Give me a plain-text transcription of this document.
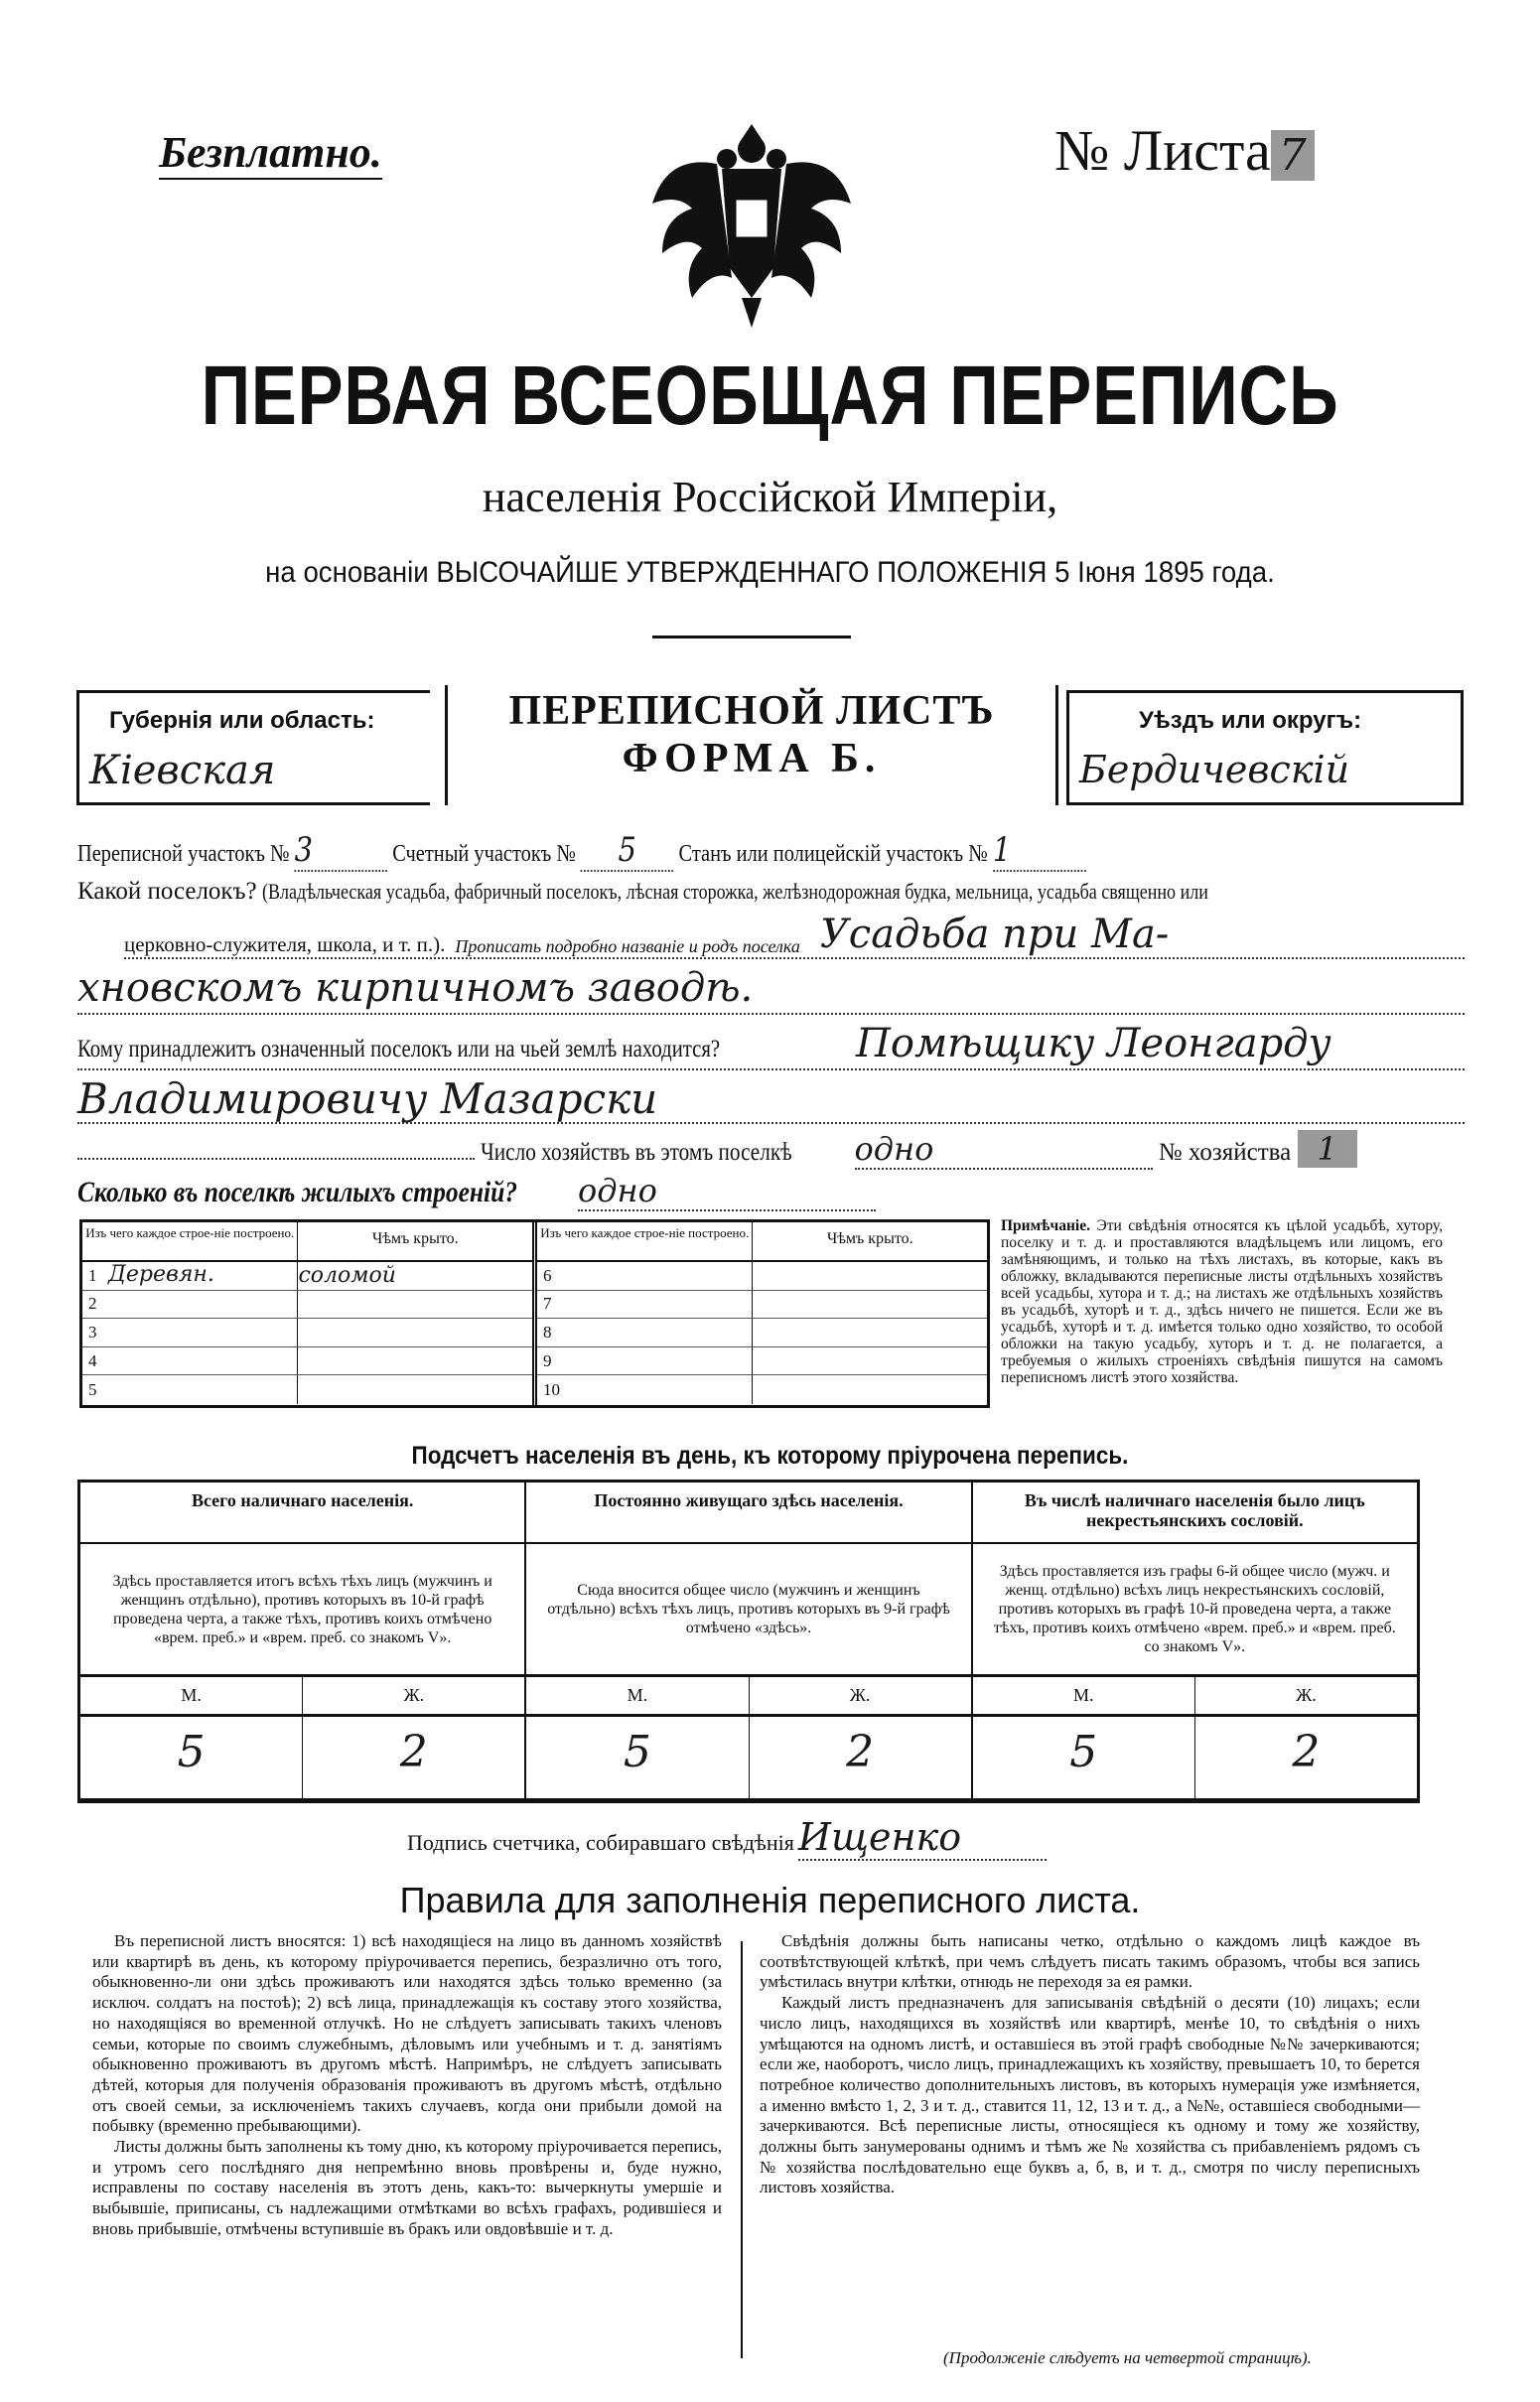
Безплатно.	№ Листа 7
ПЕРВАЯ ВСЕОБЩАЯ ПЕРЕПИСЬ
населенія Россійской Имперіи,
на основаніи ВЫСОЧАЙШЕ УТВЕРЖДЕННАГО ПОЛОЖЕНІЯ 5 Іюня 1895 года.
Губернія или область:
Кіевская
ПЕРЕПИСНОЙ ЛИСТЪ
ФОРМА Б.
Уѣздъ или округъ:
Бердичевскій
Переписной участокъ № 3	Счетный участокъ № 5 Станъ или полицейскій участокъ № 1
Какой поселокъ? (Владѣльческая усадьба, фабричный поселокъ, лѣсная сторожка, желѣзнодорожная будка, мельница, усадьба священно или
церковно-служителя, школа, и т. п.). Прописать подробно названіе и родъ поселка Усадьба при Ма-
хновскомъ кирпичномъ заводѣ.
Кому принадлежитъ означенный поселокъ или на чьей землѣ находится?	Помѣщику Леонгарду
Владимировичу Мазарски
Число хозяйствъ въ этомъ поселкѣ одно	№ хозяйства 1
Сколько въ поселкѣ жилыхъ строеній? одно
Изъ чего каждое строе-ніе построено.	Чѣмъ крыто.
1 Деревян.	соломой
2
3
4
5
Изъ чего каждое строе-ніе построено.	Чѣмъ крыто.
6
7
8
9
10
Примѣчаніе. Эти свѣдѣнія относятся къ цѣлой усадьбѣ, хутору, поселку и т. д. и проставляются владѣльцемъ или лицомъ, его замѣняющимъ, и только на тѣхъ листахъ, въ которые, какъ въ обложку, вкладываются переписные листы отдѣльныхъ хозяйствъ всей усадьбы, хутора и т. д.; на листахъ же отдѣльныхъ хозяйствъ въ усадьбѣ, хуторѣ и т. д., здѣсь ничего не пишется. Если же въ усадьбѣ, хуторѣ и т. д. имѣется только одно хозяйство, то особой обложки на такую усадьбу, хуторъ и т. д. не полагается, а требуемыя о жилыхъ строеніяхъ свѣдѣнія пишутся на самомъ переписномъ листѣ этого хозяйства.
Подсчетъ населенія въ день, къ которому пріурочена перепись.
Всего наличнаго населенія.
Здѣсь проставляется итогъ всѣхъ тѣхъ лицъ (мужчинъ и женщинъ отдѣльно), противъ которыхъ въ 10-й графѣ проведена черта, а также тѣхъ, противъ коихъ отмѣчено «врем. преб.» и «врем. преб. со знакомъ V».
М.	Ж.
5	2
Постоянно живущаго здѣсь населенія.
Сюда вносится общее число (мужчинъ и женщинъ отдѣльно) всѣхъ тѣхъ лицъ, противъ которыхъ въ 9-й графѣ отмѣчено «здѣсь».
М.	Ж.
5	2
Въ числѣ наличнаго населенія было лицъ некрестьянскихъ сословій.
Здѣсь проставляется изъ графы 6-й общее число (мужч. и женщ. отдѣльно) всѣхъ лицъ некрестьянскихъ сословій, противъ которыхъ въ графѣ 10-й проведена черта, а также тѣхъ, противъ коихъ отмѣчено «врем. преб.» и «врем. преб. со знакомъ V».
М.	Ж.
5	2
Подпись счетчика, собиравшаго свѣдѣнія Ищенко
Правила для заполненія переписного листа.

Въ переписной листъ вносятся: 1) всѣ находящіеся на лицо въ данномъ хозяйствѣ или квартирѣ въ день, къ которому пріурочивается перепись, безразлично отъ того, обыкновенно-ли они здѣсь проживаютъ или находятся здѣсь только временно (за исключ. солдатъ на постоѣ); 2) всѣ лица, принадлежащія къ составу этого хозяйства, но находящіяся во временной отлучкѣ. Но не слѣдуетъ записывать такихъ членовъ семьи, которые по своимъ служебнымъ, дѣловымъ или учебнымъ и т. д. занятіямъ обыкновенно проживаютъ въ другомъ мѣстѣ. Напримѣръ, не слѣдуетъ записывать дѣтей, которыя для полученія образованія проживаютъ въ другомъ мѣстѣ, отдѣльно отъ своей семьи, за исключеніемъ такихъ случаевъ, когда они прибыли домой на побывку (временно пребывающими).

Листы должны быть заполнены къ тому дню, къ которому пріурочивается перепись, и утромъ сего послѣдняго дня непремѣнно вновь провѣрены и, буде нужно, исправлены по составу населенія въ этотъ день, какъ-то: вычеркнуты умершіе и выбывшіе, приписаны, съ надлежащими отмѣтками во всѣхъ графахъ, родившіеся и вновь прибывшіе, отмѣчены вступившіе въ бракъ или овдовѣвшіе и т. д.

Свѣдѣнія должны быть написаны четко, отдѣльно о каждомъ лицѣ каждое въ соотвѣтствующей клѣткѣ, при чемъ слѣдуетъ писать такимъ образомъ, чтобы вся запись умѣстилась внутри клѣтки, отнюдь не переходя за ея рамки.

Каждый листъ предназначенъ для записыванія свѣдѣній о десяти (10) лицахъ; если число лицъ, находящихся въ хозяйствѣ или квартирѣ, менѣе 10, то свѣдѣнія о нихъ умѣщаются на одномъ листѣ, и оставшіеся въ этой графѣ свободные №№ зачеркиваются; если же, наоборотъ, число лицъ, принадлежащихъ къ хозяйству, превышаетъ 10, то берется потребное количество дополнительныхъ листовъ, въ которыхъ нумерація уже измѣняется, а именно вмѣсто 1, 2, 3 и т. д., ставится 11, 12, 13 и т. д., а №№, оставшіеся свободными—зачеркиваются. Всѣ переписные листы, относящіеся къ одному и тому же хозяйству, должны быть занумерованы однимъ и тѣмъ же № хозяйства съ прибавленіемъ рядомъ съ № хозяйства послѣдовательно еще буквъ а, б, в, и т. д., смотря по числу переписныхъ листовъ хозяйства.

(Продолженіе слѣдуетъ на четвертой страницѣ).
